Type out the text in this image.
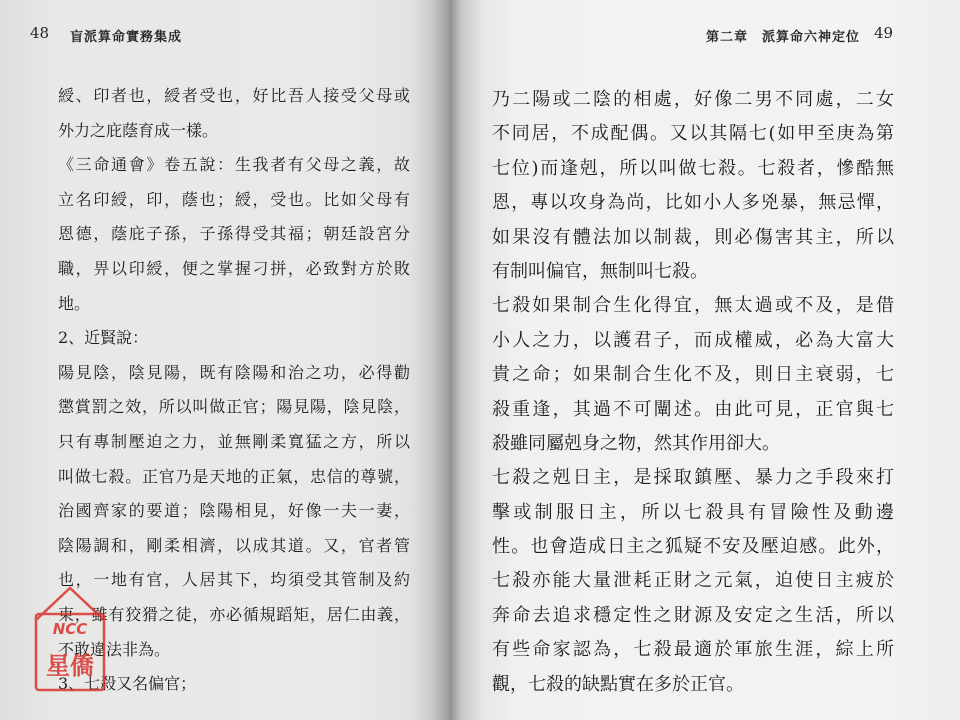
48 盲派算命實務集成
綬、印者也，綬者受也，好比吾人接受父母或
外力之庇蔭育成一樣。
《三命通會》卷五說：生我者有父母之義，故
立名印綬，印，蔭也；綬，受也。比如父母有
恩德，蔭庇子孫，子孫得受其福；朝廷設宮分
職，畀以印綬，便之掌握刁拼，必致對方於敗
地。
2、近賢說：
陽見陰，陰見陽，既有陰陽和治之功，必得勸
懲賞罰之效，所以叫做正官；陽見陽，陰見陰，
只有專制壓迫之力，並無剛柔寬猛之方，所以
叫做七殺。正官乃是天地的正氣，忠信的尊號，
治國齊家的要道；陰陽相見，好像一夫一妻，
陰陽調和，剛柔相濟，以成其道。又，官者管
也，一地有官，人居其下，均須受其管制及約
束，雖有狡猾之徒，亦必循規蹈矩，居仁由義，
不敢違法非為。
3、七殺又名偏官；
NCC
星僑
第二章 派算命六神定位 49
乃二陽或二陰的相處，好像二男不同處，二女
不同居，不成配偶。又以其隔七(如甲至庚為第
七位)而逢剋，所以叫做七殺。七殺者，慘酷無
恩，專以攻身為尚，比如小人多兇暴，無忌憚，
如果沒有體法加以制裁，則必傷害其主，所以
有制叫偏官，無制叫七殺。
七殺如果制合生化得宜，無太過或不及，是借
小人之力，以護君子，而成權威，必為大富大
貴之命；如果制合生化不及，則日主衰弱，七
殺重逢，其過不可闡述。由此可見，正官與七
殺雖同屬剋身之物，然其作用卻大。
七殺之剋日主，是採取鎮壓、暴力之手段來打
擊或制服日主，所以七殺具有冒險性及動邊
性。也會造成日主之狐疑不安及壓迫感。此外，
七殺亦能大量泄耗正財之元氣，迫使日主疲於
奔命去追求穩定性之財源及安定之生活，所以
有些命家認為，七殺最適於軍旅生涯，綜上所
觀，七殺的缺點實在多於正官。
